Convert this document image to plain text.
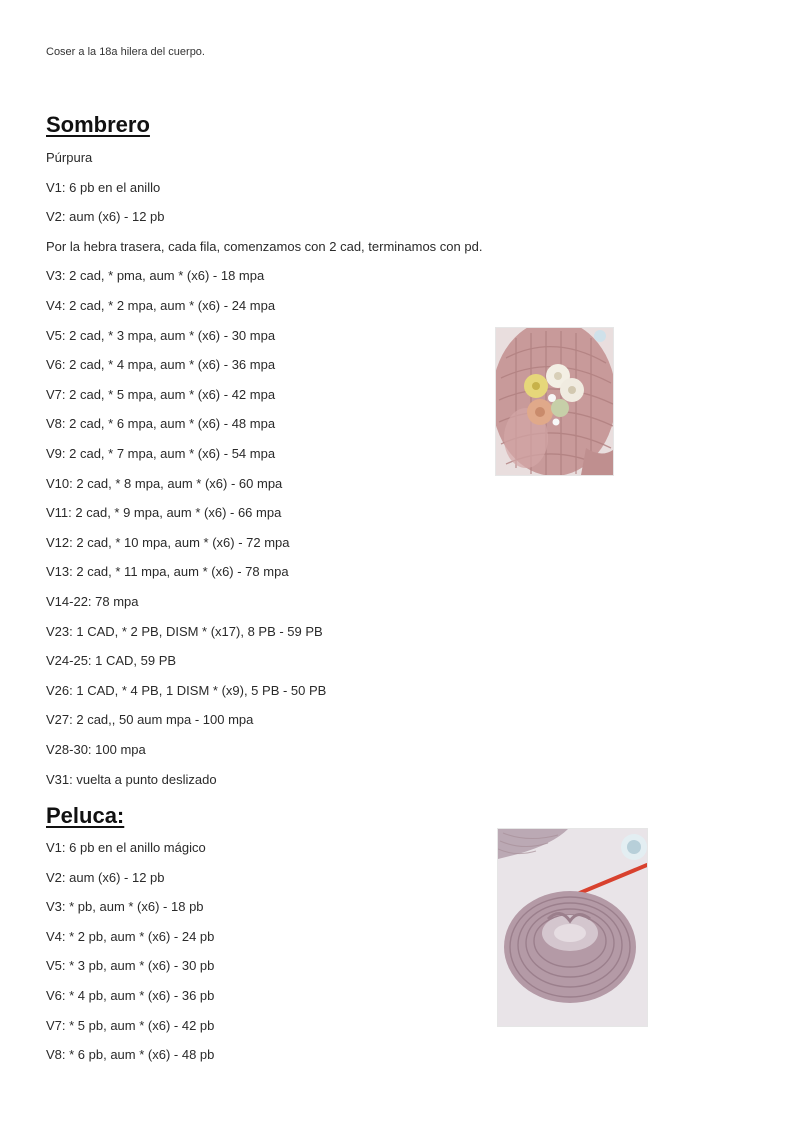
Coser a la 18a hilera del cuerpo.
Sombrero
Púrpura
V1: 6 pb en el anillo
V2: aum (x6) - 12 pb
Por la hebra trasera, cada fila, comenzamos con 2 cad, terminamos con pd.
V3: 2 cad, * pma, aum * (x6) - 18 mpa
V4: 2 cad, * 2 mpa, aum * (x6) - 24 mpa
V5: 2 cad, * 3 mpa, aum * (x6) - 30 mpa
V6: 2 cad, * 4 mpa, aum * (x6) - 36 mpa
V7: 2 cad, * 5 mpa, aum * (x6) - 42 mpa
V8: 2 cad, * 6 mpa, aum * (x6) - 48 mpa
V9: 2 cad, * 7 mpa, aum * (x6) - 54 mpa
V10: 2 cad, * 8 mpa, aum * (x6) - 60 mpa
V11: 2 cad, * 9 mpa, aum * (x6) - 66 mpa
V12: 2 cad, * 10 mpa, aum * (x6) - 72 mpa
V13: 2 cad, * 11 mpa, aum * (x6) - 78 mpa
V14-22: 78 mpa
V23: 1 CAD, * 2 PB, DISM * (x17), 8 PB - 59 PB
V24-25: 1 CAD, 59 PB
V26: 1 CAD, * 4 PB, 1 DISM * (x9), 5 PB - 50 PB
V27: 2 cad,, 50 aum mpa - 100 mpa
V28-30: 100 mpa
V31: vuelta a punto deslizado
Peluca:
V1: 6 pb en el anillo mágico
V2: aum (x6) - 12 pb
V3: * pb, aum * (x6) - 18 pb
V4: * 2 pb, aum * (x6) - 24 pb
V5: * 3 pb, aum * (x6) - 30 pb
V6: * 4 pb, aum * (x6) - 36 pb
V7: * 5 pb, aum * (x6) - 42 pb
V8: * 6 pb, aum * (x6) - 48 pb
